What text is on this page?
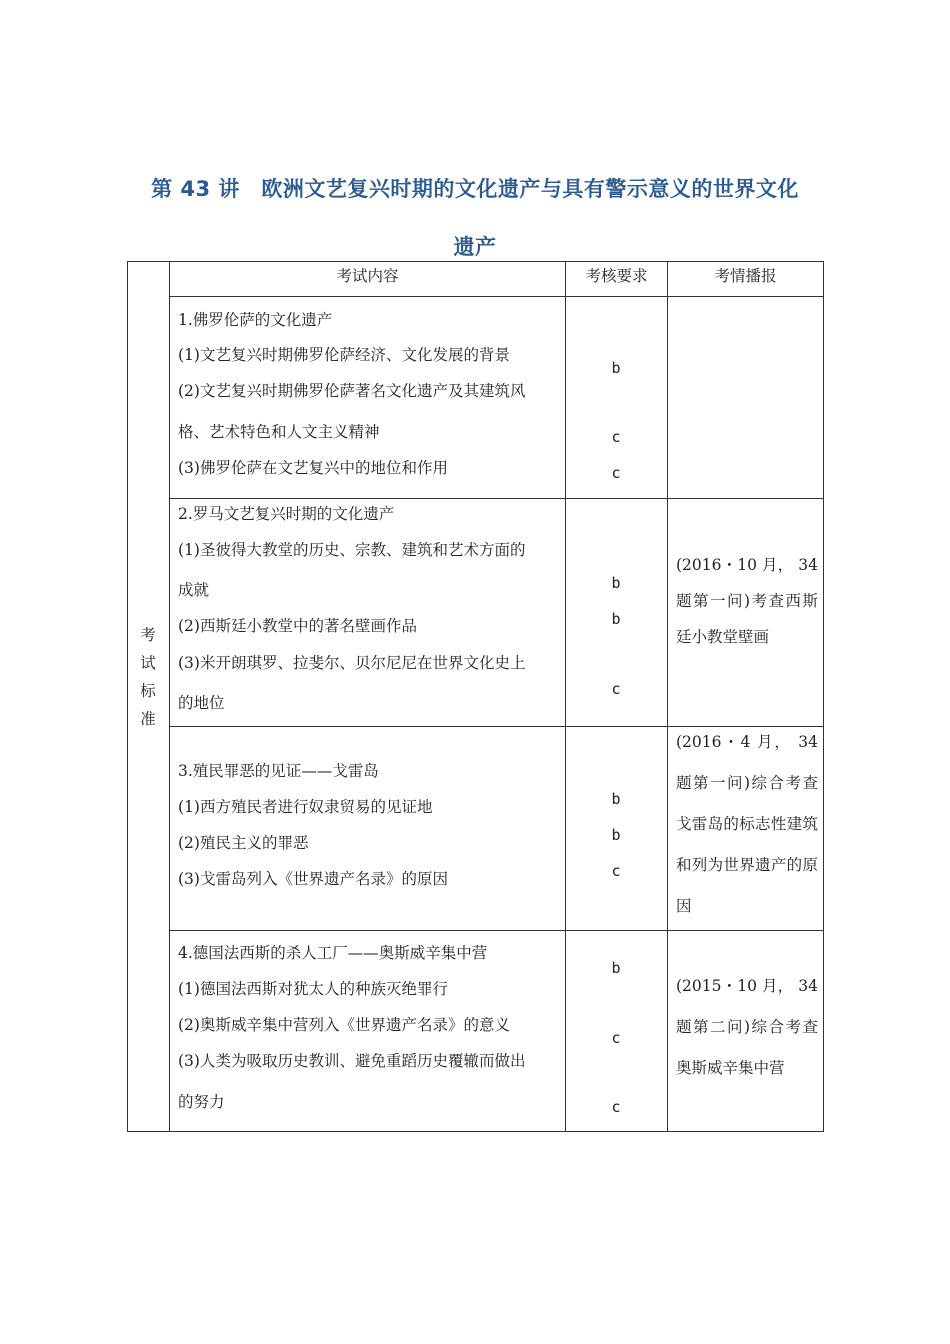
第 43 讲　欧洲文艺复兴时期的文化遗产与具有警示意义的世界文化
遗产
考
试
标
准
考试内容	考核要求	考情播报
1.佛罗伦萨的文化遗产
(1)文艺复兴时期佛罗伦萨经济、文化发展的背景
(2)文艺复兴时期佛罗伦萨著名文化遗产及其建筑风
格、艺术特色和人文主义精神
(3)佛罗伦萨在文艺复兴中的地位和作用
b
c
c
2.罗马文艺复兴时期的文化遗产
(1)圣彼得大教堂的历史、宗教、建筑和艺术方面的
成就
(2)西斯廷小教堂中的著名壁画作品
(3)米开朗琪罗、拉斐尔、贝尔尼尼在世界文化史上
的地位
b
b
c
(2016・10 月， 34 题第一问)考查西斯廷小教堂壁画
3.殖民罪恶的见证——戈雷岛
(1)西方殖民者进行奴隶贸易的见证地
(2)殖民主义的罪恶
(3)戈雷岛列入《世界遗产名录》的原因
b
b
c
(2016・4 月， 34 题第一问)综合考查戈雷岛的标志性建筑和列为世界遗产的原因
4.德国法西斯的杀人工厂——奥斯威辛集中营
(1)德国法西斯对犹太人的种族灭绝罪行
(2)奥斯威辛集中营列入《世界遗产名录》的意义
(3)人类为吸取历史教训、避免重蹈历史覆辙而做出
的努力
b
c
c
(2015・10 月， 34 题第二问)综合考查奥斯威辛集中营
